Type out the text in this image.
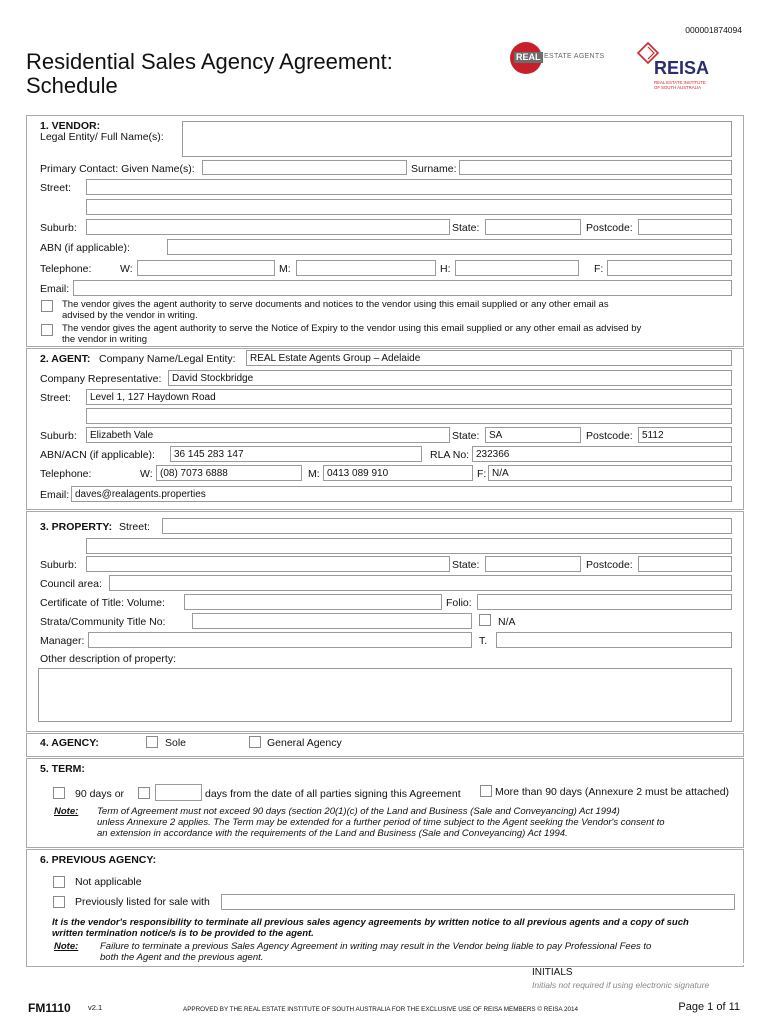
000001874094
Residential Sales Agency Agreement:
Schedule
REAL ESTATE AGENTS
REISA
REAL ESTATE INSTITUTE OF SOUTH AUSTRALIA
1. VENDOR:
Legal Entity/ Full Name(s):
Primary Contact: Given Name(s):	Surname:
Street:
Suburb:	State:	Postcode:
ABN (if applicable):
Telephone:	W:	M:	H:	F:
Email:
The vendor gives the agent authority to serve documents and notices to the vendor using this email supplied or any other email as
advised by the vendor in writing.
The vendor gives the agent authority to serve the Notice of Expiry to the vendor using this email supplied or any other email as advised by
the vendor in writing
2. AGENT: Company Name/Legal Entity:	REAL Estate Agents Group – Adelaide
Company Representative:	David Stockbridge
Street:	Level 1, 127 Haydown Road
Suburb:	Elizabeth Vale	State: SA	Postcode: 5112
ABN/ACN (if applicable):	36 145 283 147	RLA No: 232366
Telephone:	W: (08) 7073 6888	M: 0413 089 910	F: N/A
Email: daves@realagents.properties
3. PROPERTY: Street:
Suburb:	State:	Postcode:
Council area:
Certificate of Title: Volume:	Folio:
Strata/Community Title No:	N/A
Manager:	T.
Other description of property:
4. AGENCY:	Sole	General Agency
5. TERM:
90 days or	days from the date of all parties signing this Agreement	More than 90 days (Annexure 2 must be attached)
Note: Term of Agreement must not exceed 90 days (section 20(1)(c) of the Land and Business (Sale and Conveyancing) Act 1994)
unless Annexure 2 applies. The Term may be extended for a further period of time subject to the Agent seeking the Vendor's consent to
an extension in accordance with the requirements of the Land and Business (Sale and Conveyancing) Act 1994.
6. PREVIOUS AGENCY:
Not applicable
Previously listed for sale with
It is the vendor's responsibility to terminate all previous sales agency agreements by written notice to all previous agents and a copy of such
written termination notice/s is to be provided to the agent.
Note: Failure to terminate a previous Sales Agency Agreement in writing may result in the Vendor being liable to pay Professional Fees to
both the Agent and the previous agent.
INITIALS
Initials not required if using electronic signature
FM1110 v2.1	APPROVED BY THE REAL ESTATE INSTITUTE OF SOUTH AUSTRALIA FOR THE EXCLUSIVE USE OF REISA MEMBERS © REISA 2014	Page 1 of 11
